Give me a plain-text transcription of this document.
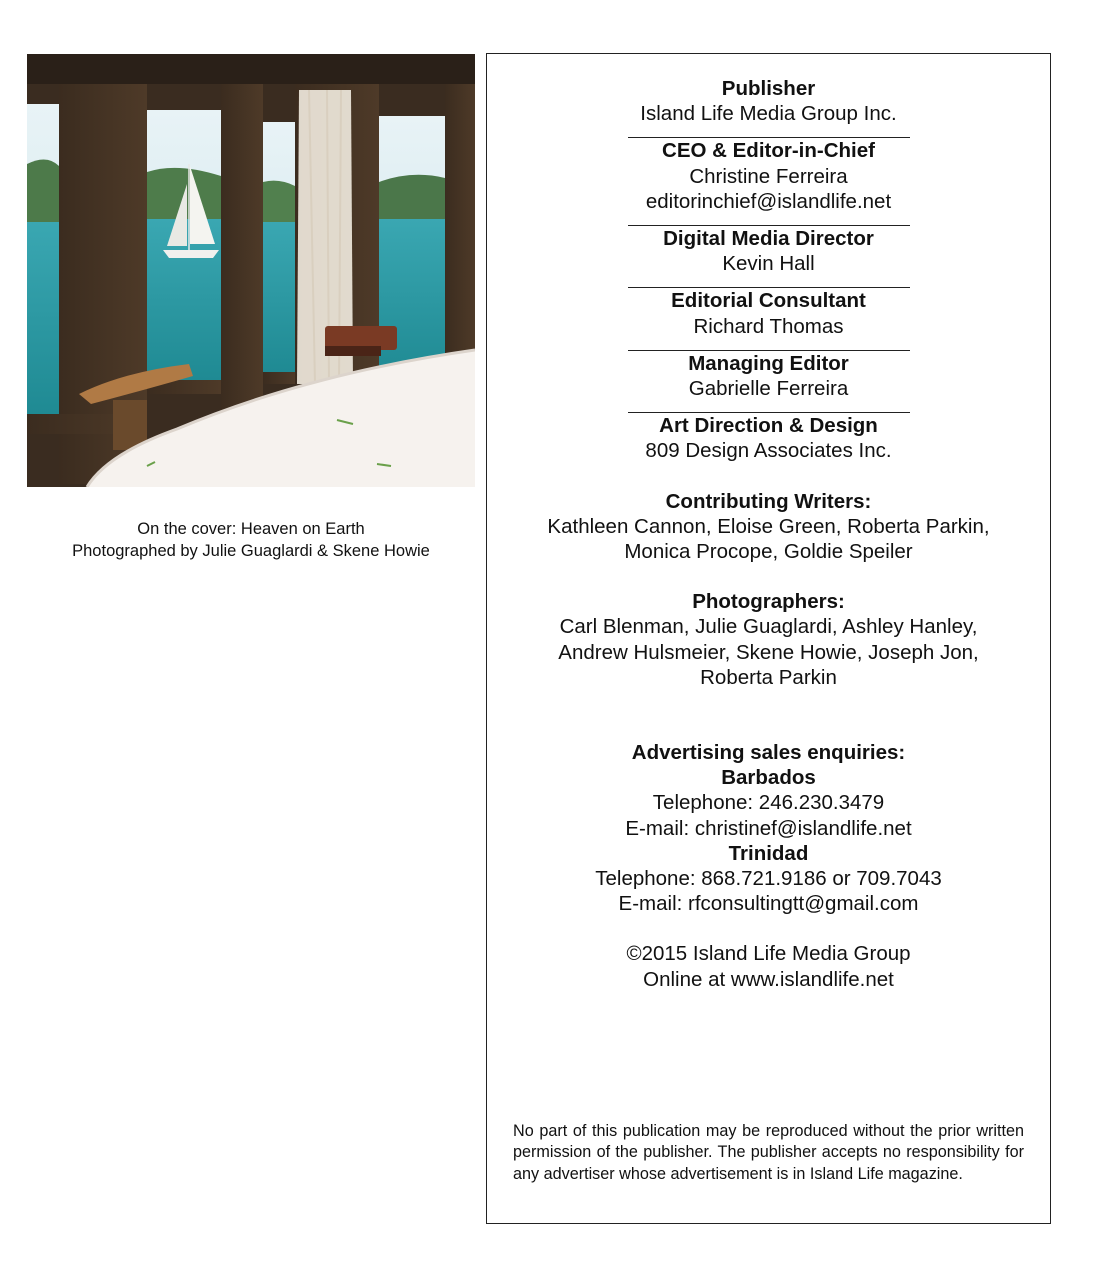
On the cover: Heaven on Earth
Photographed by Julie Guaglardi & Skene Howie
Publisher
Island Life Media Group Inc.
CEO & Editor-in-Chief
Christine Ferreira
editorinchief@islandlife.net
Digital Media Director
Kevin Hall
Editorial Consultant
Richard Thomas
Managing Editor
Gabrielle Ferreira
Art Direction & Design
809 Design Associates Inc.
Contributing Writers:
Kathleen Cannon, Eloise Green, Roberta Parkin,
Monica Procope, Goldie Speiler
Photographers:
Carl Blenman, Julie Guaglardi, Ashley Hanley,
Andrew Hulsmeier, Skene Howie, Joseph Jon,
Roberta Parkin
Advertising sales enquiries:
Barbados
Telephone: 246.230.3479
E-mail: christinef@islandlife.net
Trinidad
Telephone: 868.721.9186 or 709.7043
E-mail: rfconsultingtt@gmail.com
©2015 Island Life Media Group
Online at www.islandlife.net
No part of this publication may be reproduced without the prior written permission of the publisher. The publisher accepts no responsibility for any advertiser whose advertisement is in Island Life magazine.
